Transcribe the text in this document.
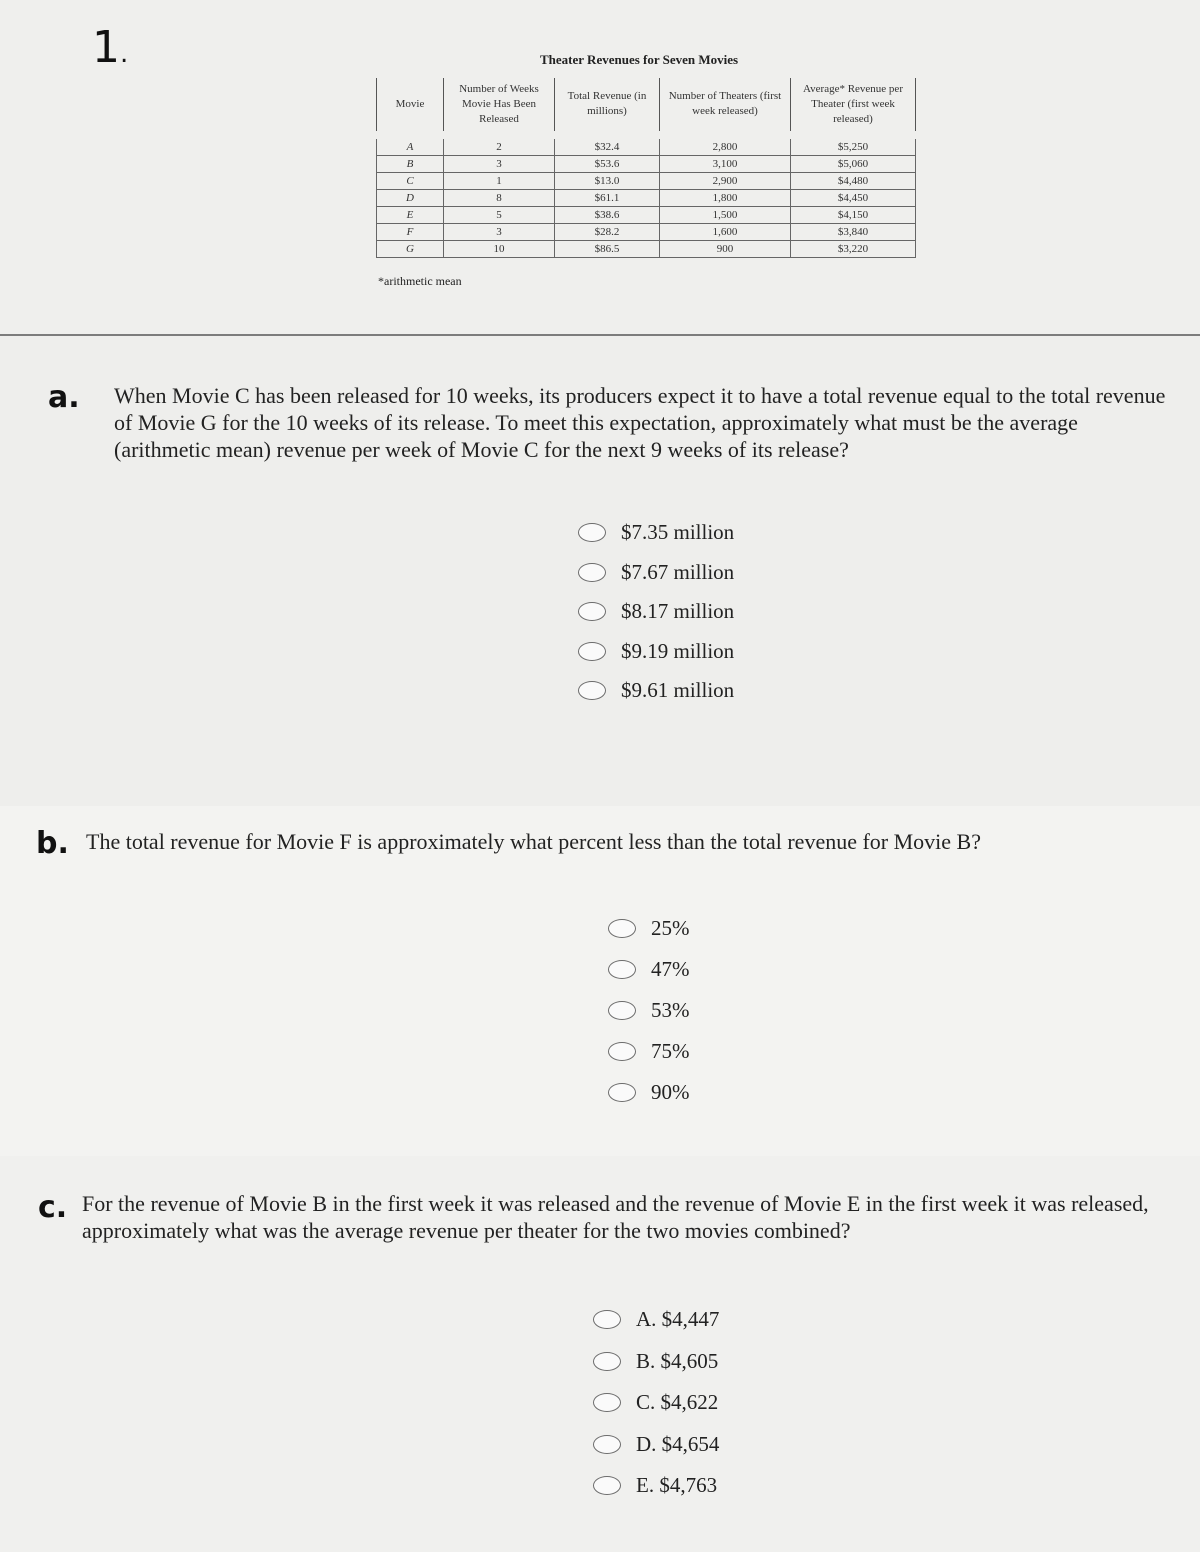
1.	Theater Revenues for Seven Movies
Movie	Number of Weeks Movie Has Been Released	Total Revenue (in millions)	Number of Theaters (first week released)	Average* Revenue per Theater (first week released)
A	2	$32.4	2,800	$5,250
B	3	$53.6	3,100	$5,060
C	1	$13.0	2,900	$4,480
D	8	$61.1	1,800	$4,450
E	5	$38.6	1,500	$4,150
F	3	$28.2	1,600	$3,840
G	10	$86.5	900	$3,220
*arithmetic mean
a. When Movie C has been released for 10 weeks, its producers expect it to have a total revenue equal to the total revenue of Movie G for the 10 weeks of its release. To meet this expectation, approximately what must be the average (arithmetic mean) revenue per week of Movie C for the next 9 weeks of its release?
$7.35 million
$7.67 million
$8.17 million
$9.19 million
$9.61 million
b. The total revenue for Movie F is approximately what percent less than the total revenue for Movie B?
25%
47%
53%
75%
90%
c. For the revenue of Movie B in the first week it was released and the revenue of Movie E in the first week it was released, approximately what was the average revenue per theater for the two movies combined?
A. $4,447
B. $4,605
C. $4,622
D. $4,654
E. $4,763
